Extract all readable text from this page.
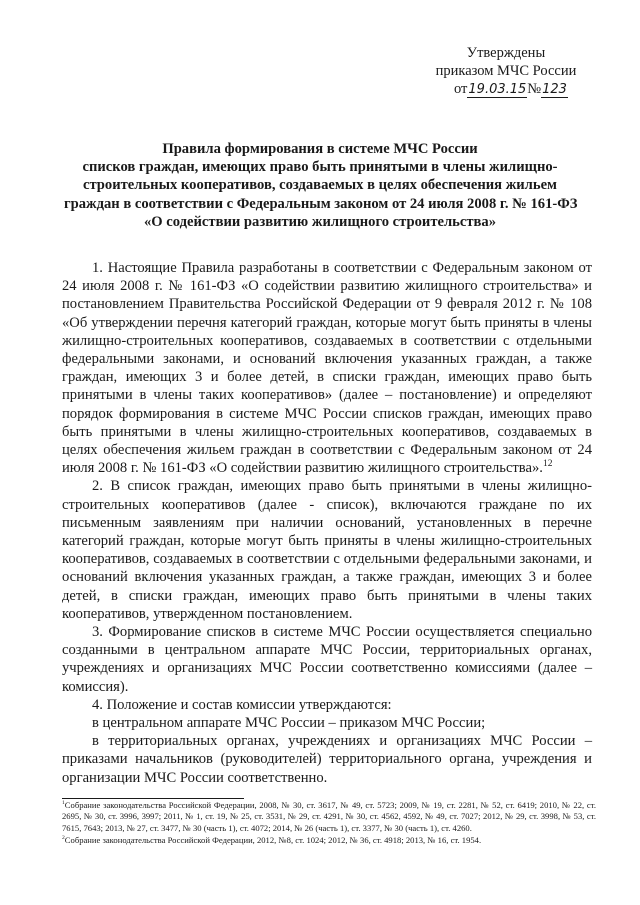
Утверждены
приказом МЧС России
от19.03.15№123
Правила формирования в системе МЧС России
списков граждан, имеющих право быть принятыми в члены жилищно-
строительных кооперативов, создаваемых в целях обеспечения жильем
граждан в соответствии с Федеральным законом от 24 июля 2008 г. № 161-ФЗ
«О содействии развитию жилищного строительства»

1. Настоящие Правила разработаны в соответствии с Федеральным законом от 24 июля 2008 г. № 161-ФЗ «О содействии развитию жилищного строительства» и постановлением Правительства Российской Федерации от 9 февраля 2012 г. № 108 «Об утверждении перечня категорий граждан, которые могут быть приняты в члены жилищно-строительных кооперативов, создаваемых в соответствии с отдельными федеральными законами, и оснований включения указанных граждан, а также граждан, имеющих 3 и более детей, в списки граждан, имеющих право быть принятыми в члены таких кооперативов» (далее – постановление) и определяют порядок формирования в системе МЧС России списков граждан, имеющих право быть принятыми в члены жилищно-строительных кооперативов, создаваемых в целях обеспечения жильем граждан в соответствии с Федеральным законом от 24 июля 2008 г. № 161-ФЗ «О содействии развитию жилищного строительства».$^{12}$

2. В список граждан, имеющих право быть принятыми в члены жилищно-строительных кооперативов (далее - список), включаются граждане по их письменным заявлениям при наличии оснований, установленных в перечне категорий граждан, которые могут быть приняты в члены жилищно-строительных кооперативов, создаваемых в соответствии с отдельными федеральными законами, и оснований включения указанных граждан, а также граждан, имеющих 3 и более детей, в списки граждан, имеющих право быть принятыми в члены таких кооперативов, утвержденном постановлением.

3. Формирование списков в системе МЧС России осуществляется специально созданными в центральном аппарате МЧС России, территориальных органах, учреждениях и организациях МЧС России соответственно комиссиями (далее – комиссия).

4. Положение и состав комиссии утверждаются:

в центральном аппарате МЧС России – приказом МЧС России;

в территориальных органах, учреждениях и организациях МЧС России – приказами начальников (руководителей) территориального органа, учреждения и организации МЧС России соответственно.

$^1$Собрание законодательства Российской Федерации, 2008, № 30, ст. 3617, № 49, ст. 5723; 2009, № 19, ст. 2281, № 52, ст. 6419; 2010, № 22, ст. 2695, № 30, ст. 3996, 3997; 2011, № 1, ст. 19, № 25, ст. 3531, № 29, ст. 4291, № 30, ст. 4562, 4592, № 49, ст. 7027; 2012, № 29, ст. 3998, № 53, ст. 7615, 7643; 2013, № 27, ст. 3477, № 30 (часть 1), ст. 4072; 2014, № 26 (часть 1), ст. 3377, № 30 (часть 1), ст. 4260.

$^2$Собрание законодательства Российской Федерации, 2012, №8, ст. 1024; 2012, № 36, ст. 4918; 2013, № 16, ст. 1954.
